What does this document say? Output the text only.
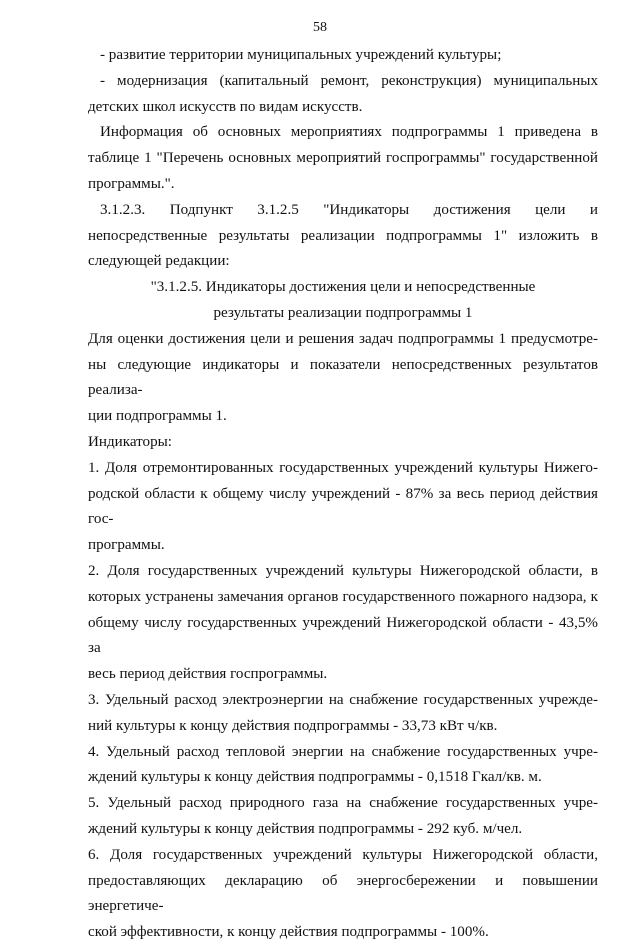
58

- развитие территории муниципальных учреждений культуры;

- модернизация (капитальный ремонт, реконструкция) муниципальных
детских школ искусств по видам искусств.

Информация об основных мероприятиях подпрограммы 1 приведена в
таблице 1 "Перечень основных мероприятий госпрограммы" государственной
программы.".

3.1.2.3. Подпункт 3.1.2.5 "Индикаторы достижения цели и
непосредственные результаты реализации подпрограммы 1" изложить в
следующей редакции:

"3.1.2.5. Индикаторы достижения цели и непосредственные
результаты реализации подпрограммы 1

Для оценки достижения цели и решения задач подпрограммы 1 предусмотре-
ны следующие индикаторы и показатели непосредственных результатов реализа-
ции подпрограммы 1.

Индикаторы:

1. Доля отремонтированных государственных учреждений культуры Нижего-
родской области к общему числу учреждений - 87% за весь период действия гос-
программы.

2. Доля государственных учреждений культуры Нижегородской области, в
которых устранены замечания органов государственного пожарного надзора, к
общему числу государственных учреждений Нижегородской области - 43,5% за
весь период действия госпрограммы.

3. Удельный расход электроэнергии на снабжение государственных учрежде-
ний культуры к концу действия подпрограммы - 33,73 кВт ч/кв.

4. Удельный расход тепловой энергии на снабжение государственных учре-
ждений культуры к концу действия подпрограммы - 0,1518 Гкал/кв. м.

5. Удельный расход природного газа на снабжение государственных учре-
ждений культуры к концу действия подпрограммы - 292 куб. м/чел.

6. Доля государственных учреждений культуры Нижегородской области,
предоставляющих декларацию об энергосбережении и повышении энергетиче-
ской эффективности, к концу действия подпрограммы - 100%.
